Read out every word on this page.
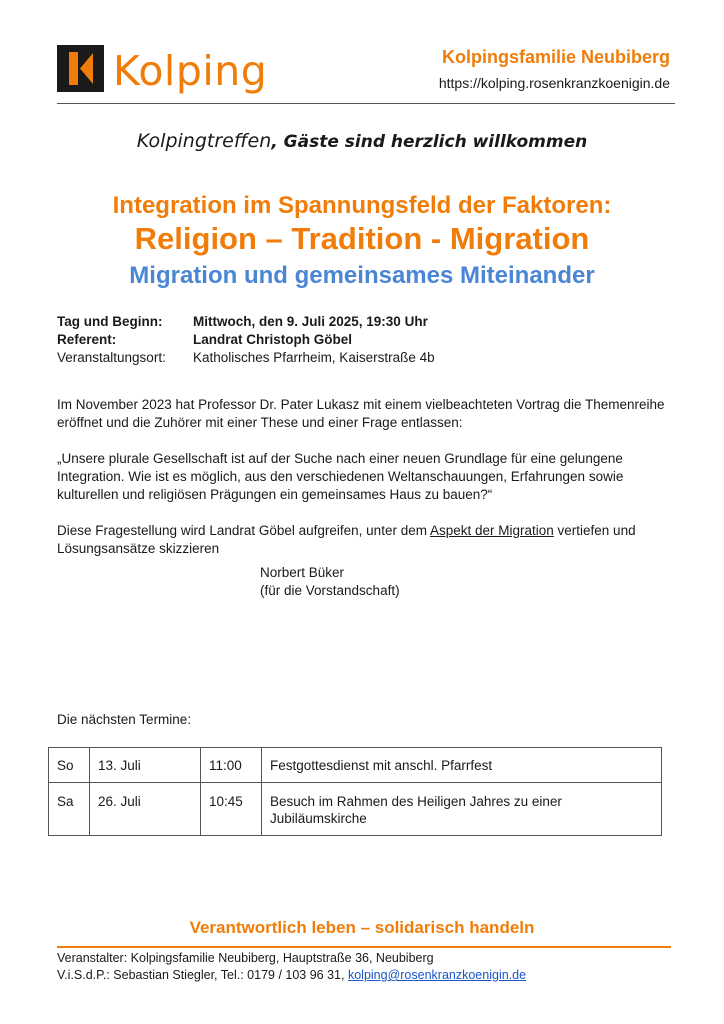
Kolping	Kolpingsfamilie Neubiberg
https://kolping.rosenkranzkoenigin.de
Kolpingtreffen, Gäste sind herzlich willkommen
Integration im Spannungsfeld der Faktoren:
Religion – Tradition - Migration
Migration und gemeinsames Miteinander
Tag und Beginn:	Mittwoch, den 9. Juli 2025, 19:30 Uhr
Referent:	Landrat Christoph Göbel
Veranstaltungsort:	Katholisches Pfarrheim, Kaiserstraße 4b

Im November 2023 hat Professor Dr. Pater Lukasz mit einem vielbeachteten Vortrag die Themenreihe eröffnet und die Zuhörer mit einer These und einer Frage entlassen:

„Unsere plurale Gesellschaft ist auf der Suche nach einer neuen Grundlage für eine gelungene Integration. Wie ist es möglich, aus den verschiedenen Weltanschauungen, Erfahrungen sowie kulturellen und religiösen Prägungen ein gemeinsames Haus zu bauen?“

Diese Fragestellung wird Landrat Göbel aufgreifen, unter dem Aspekt der Migration vertiefen und Lösungsansätze skizzieren

Norbert Büker
(für die Vorstandschaft)
Die nächsten Termine:
So	13. Juli	11:00	Festgottesdienst mit anschl. Pfarrfest
Sa	26. Juli	10:45	Besuch im Rahmen des Heiligen Jahres zu einer Jubiläumskirche
Verantwortlich leben – solidarisch handeln
Veranstalter: Kolpingsfamilie Neubiberg, Hauptstraße 36, Neubiberg
V.i.S.d.P.: Sebastian Stiegler, Tel.: 0179 / 103 96 31, kolping@rosenkranzkoenigin.de
